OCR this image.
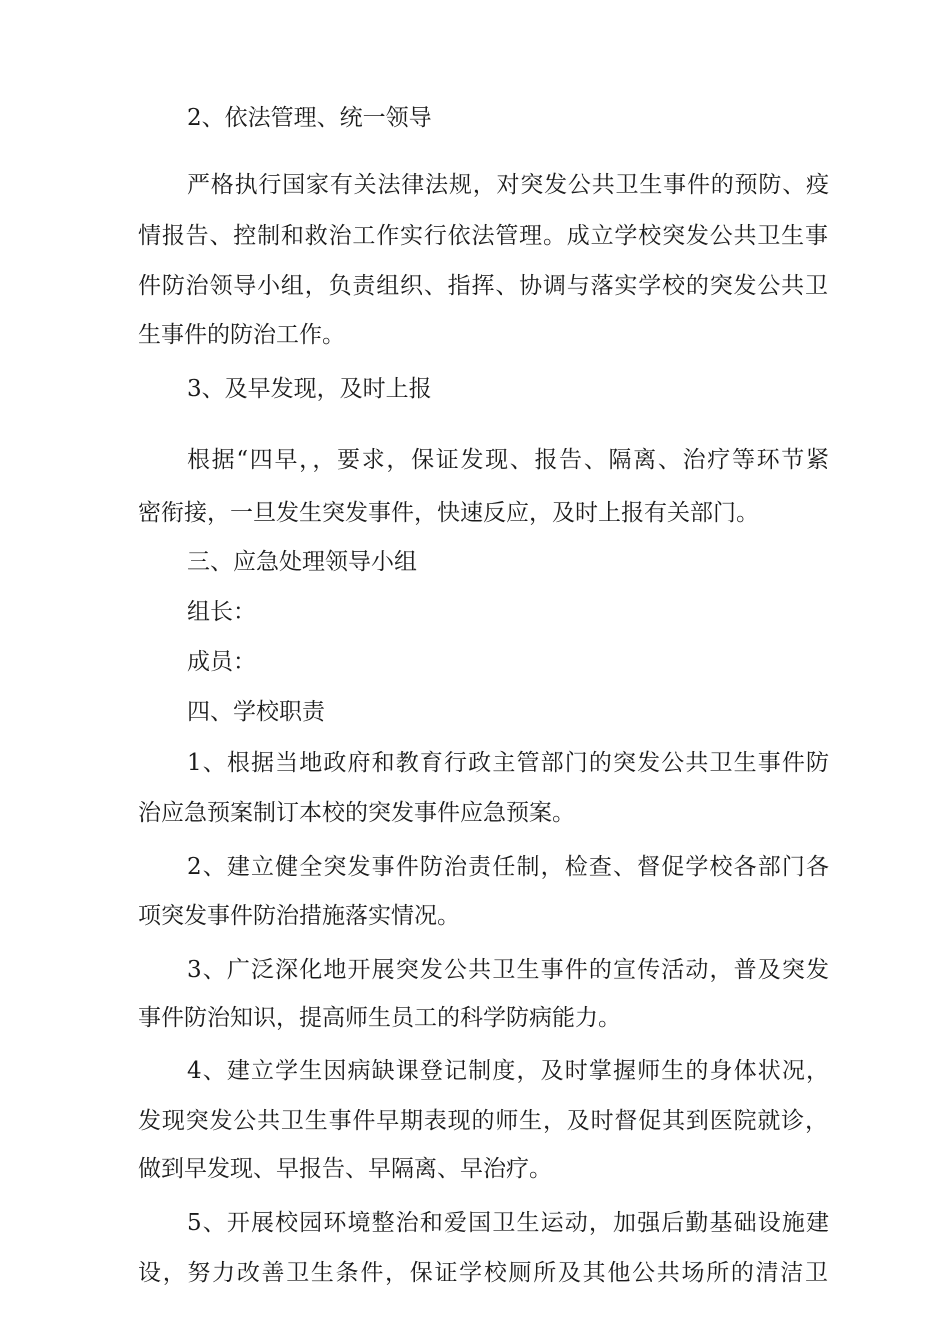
2、依法管理、统一领导
严格执行国家有关法律法规，对突发公共卫生事件的预防、疫
情报告、控制和救治工作实行依法管理。成立学校突发公共卫生事
件防治领导小组，负责组织、指挥、协调与落实学校的突发公共卫
生事件的防治工作。
3、及早发现，及时上报
根据“四早，，要求，保证发现、报告、隔离、治疗等环节紧
密衔接，一旦发生突发事件，快速反应，及时上报有关部门。
三、应急处理领导小组
组长：
成员：
四、学校职责
1、根据当地政府和教育行政主管部门的突发公共卫生事件防
治应急预案制订本校的突发事件应急预案。
2、建立健全突发事件防治责任制，检查、督促学校各部门各
项突发事件防治措施落实情况。
3、广泛深化地开展突发公共卫生事件的宣传活动，普及突发
事件防治知识，提高师生员工的科学防病能力。
4、建立学生因病缺课登记制度，及时掌握师生的身体状况，
发现突发公共卫生事件早期表现的师生，及时督促其到医院就诊，
做到早发现、早报告、早隔离、早治疗。
5、开展校园环境整治和爱国卫生运动，加强后勤基础设施建
设，努力改善卫生条件，保证学校厕所及其他公共场所的清洁卫
